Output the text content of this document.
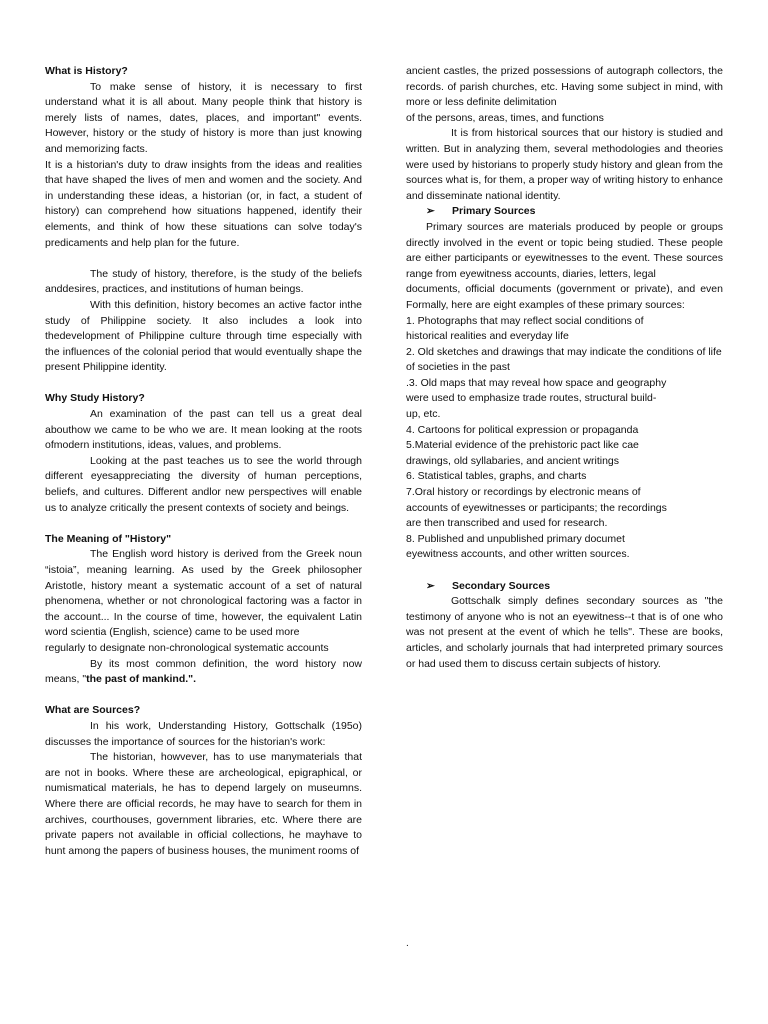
What is History?

To make sense of history, it is necessary to first understand what it is all about. Many people think that history is merely lists of names, dates, places, and important" events. However, history or the study of history is more than just knowing and memorizing facts.

It is a historian's duty to draw insights from the ideas and realities that have shaped the lives of men and women and the society. And in understanding these ideas, a historian (or, in fact, a student of history) can comprehend how situations happened, identify their elements, and think of how these situations can solve today's predicaments and help plan for the future.

The study of history, therefore, is the study of the beliefs anddesires, practices, and institutions of human beings.

With this definition, history becomes an active factor inthe study of Philippine society. It also includes a look into thedevelopment of Philippine culture through time especially with the influences of the colonial period that would eventually shape the present Philippine identity.

Why Study History?

An examination of the past can tell us a great deal abouthow we came to be who we are. It mean looking at the roots ofmodern institutions, ideas, values, and problems.

Looking at the past teaches us to see the world through different eyesappreciating the diversity of human perceptions, beliefs, and cultures. Different andlor new perspectives will enable us to analyze critically the present contexts of society and beings.

The Meaning of "History"

The English word history is derived from the Greek noun “istoia”, meaning learning. As used by the Greek philosopher Aristotle, history meant a systematic account of a set of natural phenomena, whether or not chronological factoring was a factor in the account... In the course of time, however, the equivalent Latin word scientia (English, science) came to be used more

regularly to designate non-chronological systematic accounts

By its most common definition, the word history now means, "the past of mankind.".

What are Sources?

In his work, Understanding History, Gottschalk (195o) discusses the importance of sources for the historian's work:

The historian, howvever, has to use manymaterials that are not in books. Where these are archeological, epigraphical, or numismatical materials, he has to depend largely on museumns. Where there are official records, he may have to search for them in archives, courthouses, government libraries, etc. Where there are private papers not available in official collections, he mayhave to hunt among the papers of business houses, the muniment rooms of

ancient castles, the prized possessions of autograph collectors, the records. of parish churches, etc. Having some subject in mind, with more or less definite delimitation

of the persons, areas, times, and functions

It is from historical sources that our history is studied and written. But in analyzing them, several methodologies and theories were used by historians to properly study history and glean from the sources what is, for them, a proper way of writing history to enhance and disseminate national identity.

➢ Primary Sources

Primary sources are materials produced by people or groups directly involved in the event or topic being studied. These people are either participants or eyewitnesses to the event. These sources range from eyewitness accounts, diaries, letters, legal

documents, official documents (government or private), and even Formally, here are eight examples of these primary sources:

1. Photographs that may reflect social conditions of

historical realities and everyday life

2. Old sketches and drawings that may indicate the conditions of life of societies in the past

.3. Old maps that may reveal how space and geography

were used to emphasize trade routes, structural build-

up, etc.

4. Cartoons for political expression or propaganda

5.Material evidence of the prehistoric pact like cae

drawings, old syllabaries, and ancient writings

6. Statistical tables, graphs, and charts

7.Oral history or recordings by electronic means of

accounts of eyewitnesses or participants; the recordings

are then transcribed and used for research.

8. Published and unpublished primary documet

eyewitness accounts, and other written sources.

➢ Secondary Sources

Gottschalk simply defines secondary sources as "the testimony of anyone who is not an eyewitness--t that is of one who was not present at the event of which he tells". These are books, articles, and scholarly journals that had interpreted primary sources or had used them to discuss certain subjects of history.

.
